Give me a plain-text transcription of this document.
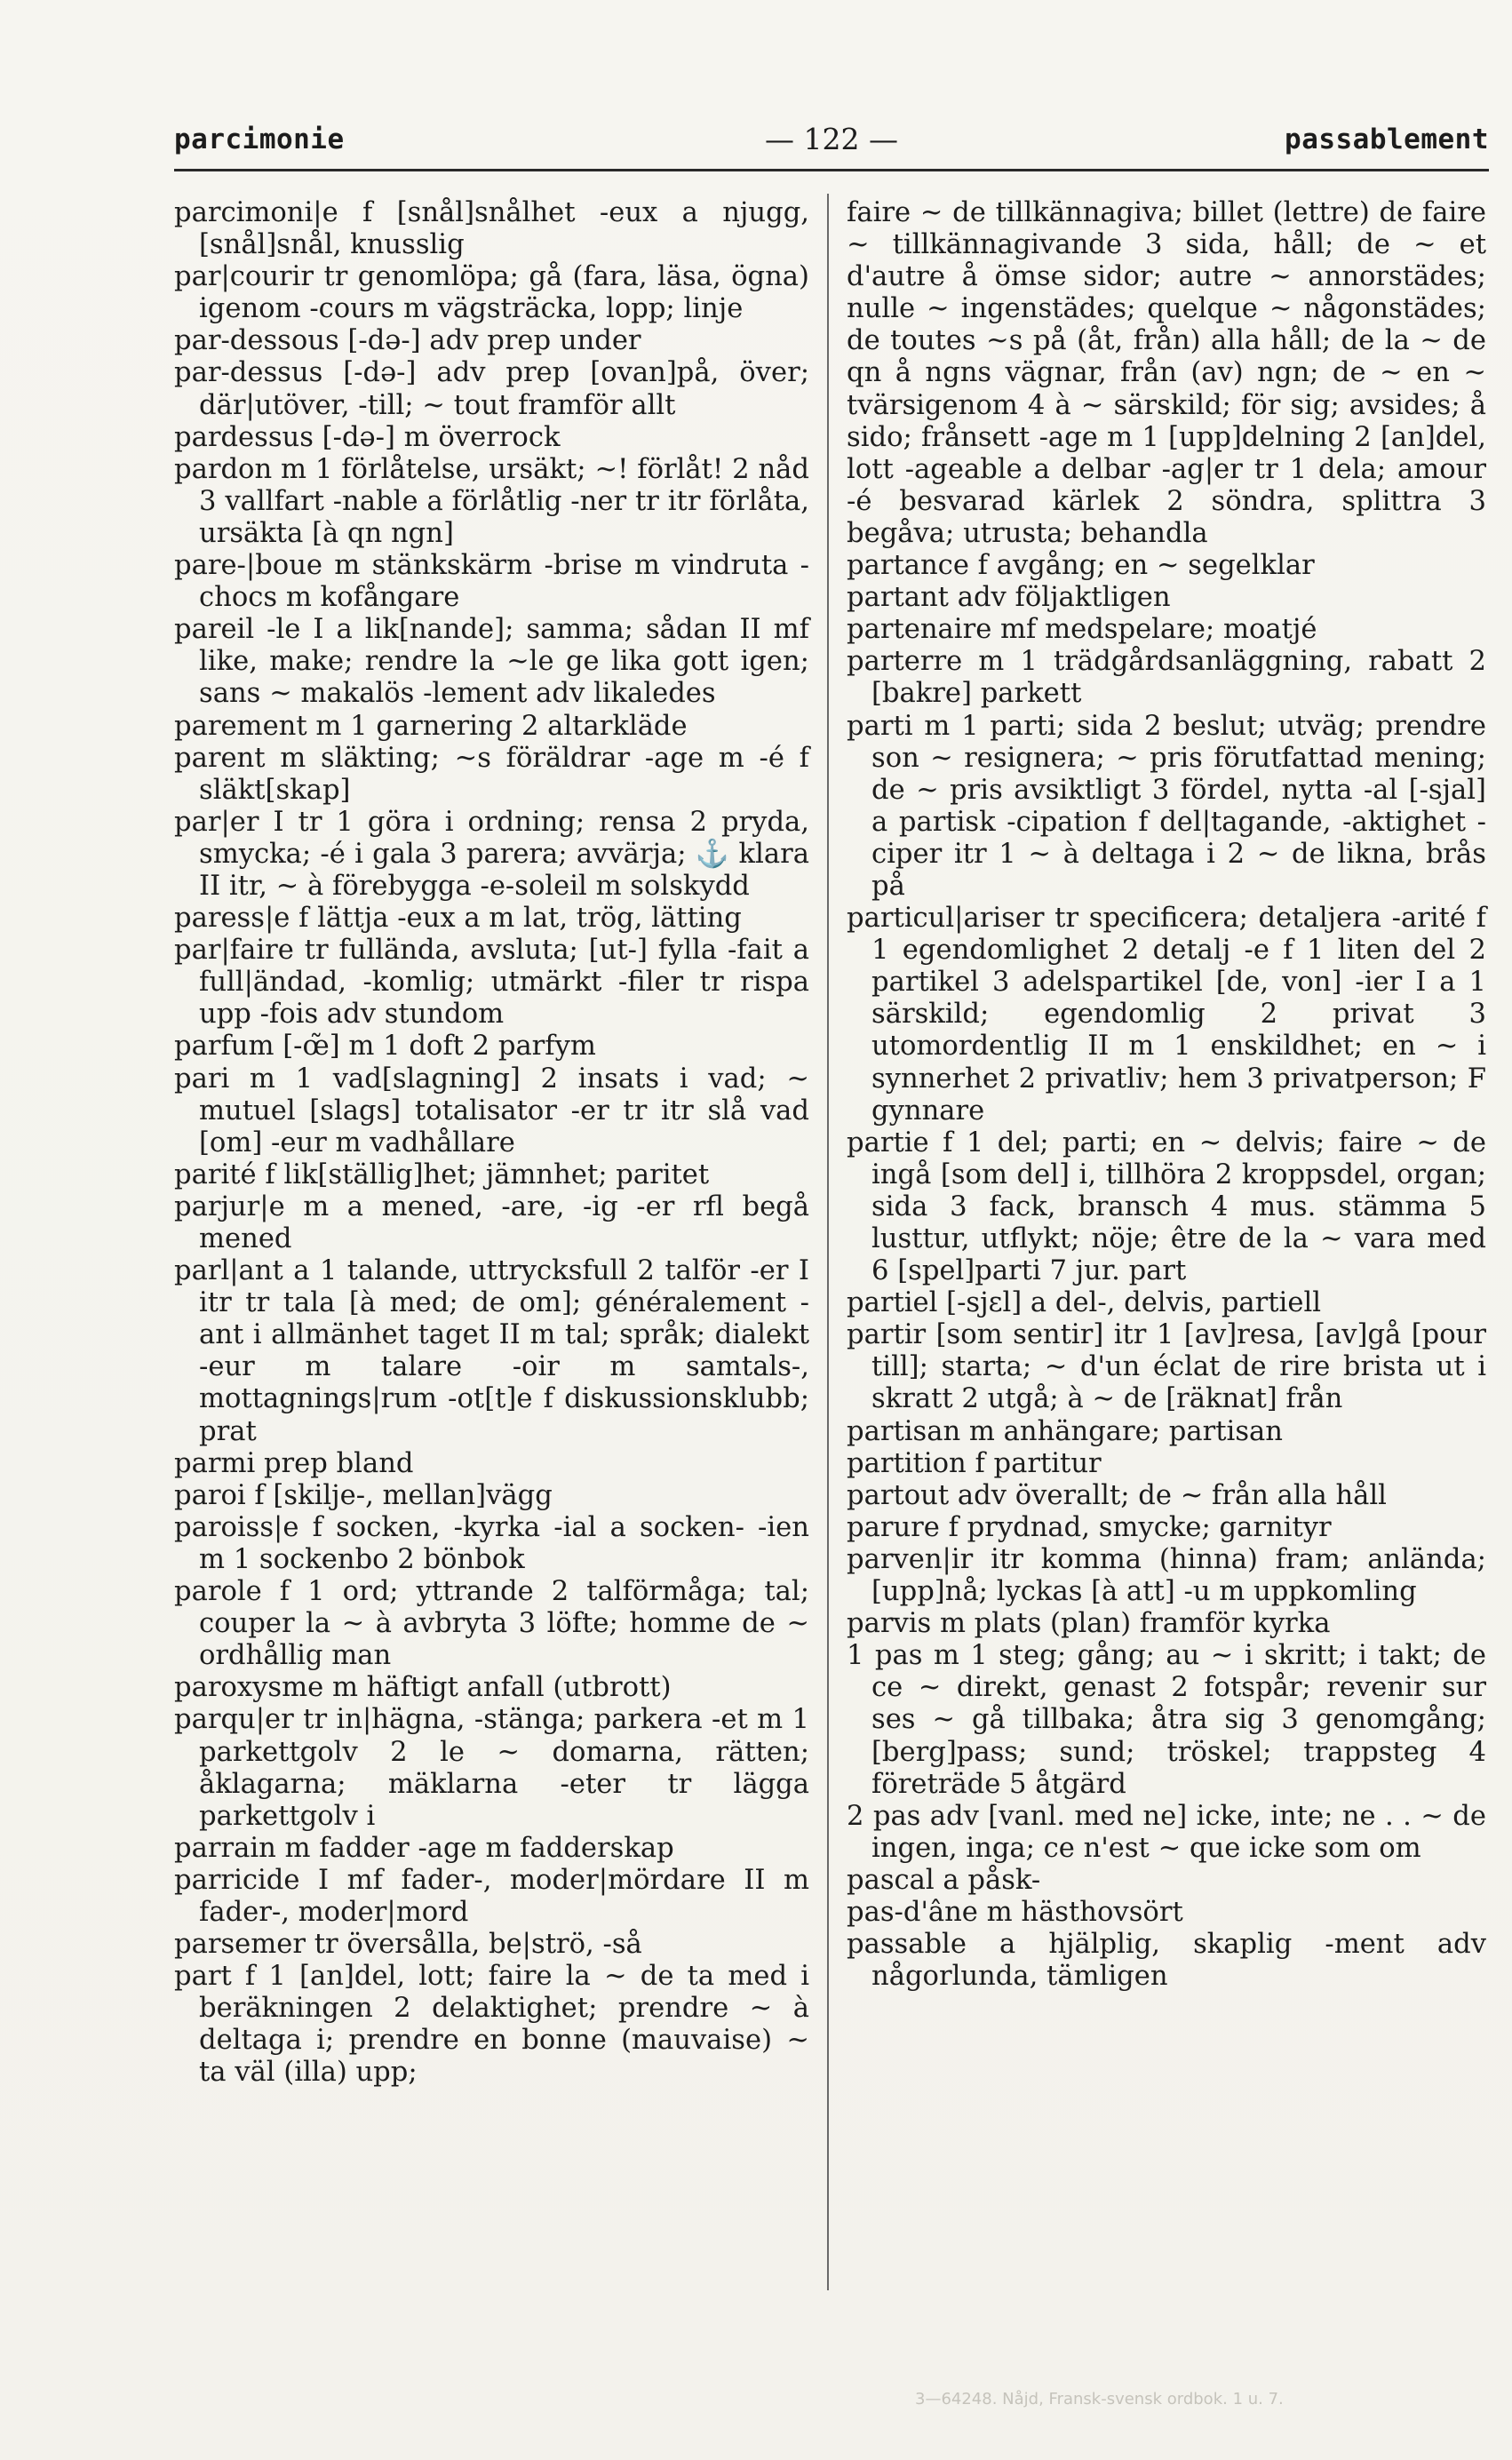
parcimonie	— 122 —	passablement

parcimoni|e f [snål]snålhet -eux a njugg, [snål]snål, knusslig

par|courir tr genomlöpa; gå (fara, läsa, ögna) igenom -cours m vägsträcka, lopp; linje

par-dessous [-də-] adv prep under

par-dessus [-də-] adv prep [ovan]på, över; där|utöver, -till; ~ tout framför allt

pardessus [-də-] m överrock

pardon m 1 förlåtelse, ursäkt; ~! förlåt! 2 nåd 3 vallfart -nable a förlåtlig -ner tr itr förlåta, ursäkta [à qn ngn]

pare-|boue m stänkskärm -brise m vindruta -chocs m kofångare

pareil -le I a lik[nande]; samma; sådan II mf like, make; rendre la ~le ge lika gott igen; sans ~ makalös -lement adv likaledes

parement m 1 garnering 2 altarkläde

parent m släkting; ~s föräldrar -age m -é f släkt[skap]

par|er I tr 1 göra i ordning; rensa 2 pryda, smycka; -é i gala 3 parera; avvärja; ⚓ klara II itr, ~ à förebygga -e-soleil m solskydd

paress|e f lättja -eux a m lat, trög, lätting

par|faire tr fullända, avsluta; [ut-] fylla -fait a full|ändad, -komlig; utmärkt -filer tr rispa upp -fois adv stundom

parfum [-œ̃] m 1 doft 2 parfym

pari m 1 vad[slagning] 2 insats i vad; ~ mutuel [slags] totalisator -er tr itr slå vad [om] -eur m vadhållare

parité f lik[ställig]het; jämnhet; paritet

parjur|e m a mened, -are, -ig -er rfl begå mened

parl|ant a 1 talande, uttrycksfull 2 talför -er I itr tr tala [à med; de om]; généralement -ant i allmänhet taget II m tal; språk; dialekt -eur m talare -oir m samtals-, mottagnings|rum -ot[t]e f diskussionsklubb; prat

parmi prep bland

paroi f [skilje-, mellan]vägg

paroiss|e f socken, -kyrka -ial a socken- -ien m 1 sockenbo 2 bönbok

parole f 1 ord; yttrande 2 talförmåga; tal; couper la ~ à avbryta 3 löfte; homme de ~ ordhållig man

paroxysme m häftigt anfall (utbrott)

parqu|er tr in|hägna, -stänga; parkera -et m 1 parkettgolv 2 le ~ domarna, rätten; åklagarna; mäklarna -eter tr lägga parkettgolv i

parrain m fadder -age m fadderskap

parricide I mf fader-, moder|mördare II m fader-, moder|mord

parsemer tr översålla, be|strö, -så

part f 1 [an]del, lott; faire la ~ de ta med i beräkningen 2 delaktighet; prendre ~ à deltaga i; prendre en bonne (mauvaise) ~ ta väl (illa) upp;

faire ~ de tillkännagiva; billet (lettre) de faire ~ tillkännagivande 3 sida, håll; de ~ et d'autre å ömse sidor; autre ~ annorstädes; nulle ~ ingenstädes; quelque ~ någonstädes; de toutes ~s på (åt, från) alla håll; de la ~ de qn å ngns vägnar, från (av) ngn; de ~ en ~ tvärsigenom 4 à ~ särskild; för sig; avsides; å sido; frånsett -age m 1 [upp]delning 2 [an]del, lott -ageable a delbar -ag|er tr 1 dela; amour -é besvarad kärlek 2 söndra, splittra 3 begåva; utrusta; behandla

partance f avgång; en ~ segelklar

partant adv följaktligen

partenaire mf medspelare; moatjé

parterre m 1 trädgårdsanläggning, rabatt 2 [bakre] parkett

parti m 1 parti; sida 2 beslut; utväg; prendre son ~ resignera; ~ pris förutfattad mening; de ~ pris avsiktligt 3 fördel, nytta -al [-sjal] a partisk -cipation f del|tagande, -aktighet -ciper itr 1 ~ à deltaga i 2 ~ de likna, brås på

particul|ariser tr specificera; detaljera -arité f 1 egendomlighet 2 detalj -e f 1 liten del 2 partikel 3 adelspartikel [de, von] -ier I a 1 särskild; egendomlig 2 privat 3 utomordentlig II m 1 enskildhet; en ~ i synnerhet 2 privatliv; hem 3 privatperson; F gynnare

partie f 1 del; parti; en ~ delvis; faire ~ de ingå [som del] i, tillhöra 2 kroppsdel, organ; sida 3 fack, bransch 4 mus. stämma 5 lusttur, utflykt; nöje; être de la ~ vara med 6 [spel]parti 7 jur. part

partiel [-sjɛl] a del-, delvis, partiell

partir [som sentir] itr 1 [av]resa, [av]gå [pour till]; starta; ~ d'un éclat de rire brista ut i skratt 2 utgå; à ~ de [räknat] från

partisan m anhängare; partisan

partition f partitur

partout adv överallt; de ~ från alla håll

parure f prydnad, smycke; garnityr

parven|ir itr komma (hinna) fram; anlända; [upp]nå; lyckas [à att] -u m uppkomling

parvis m plats (plan) framför kyrka

1 pas m 1 steg; gång; au ~ i skritt; i takt; de ce ~ direkt, genast 2 fotspår; revenir sur ses ~ gå tillbaka; åtra sig 3 genomgång; [berg]pass; sund; tröskel; trappsteg 4 företräde 5 åtgärd

2 pas adv [vanl. med ne] icke, inte; ne . . ~ de ingen, inga; ce n'est ~ que icke som om

pascal a påsk-

pas-d'âne m hästhovsört

passable a hjälplig, skaplig -ment adv någorlunda, tämligen

3—64248. Nåjd, Fransk-svensk ordbok. 1 u. 7.
